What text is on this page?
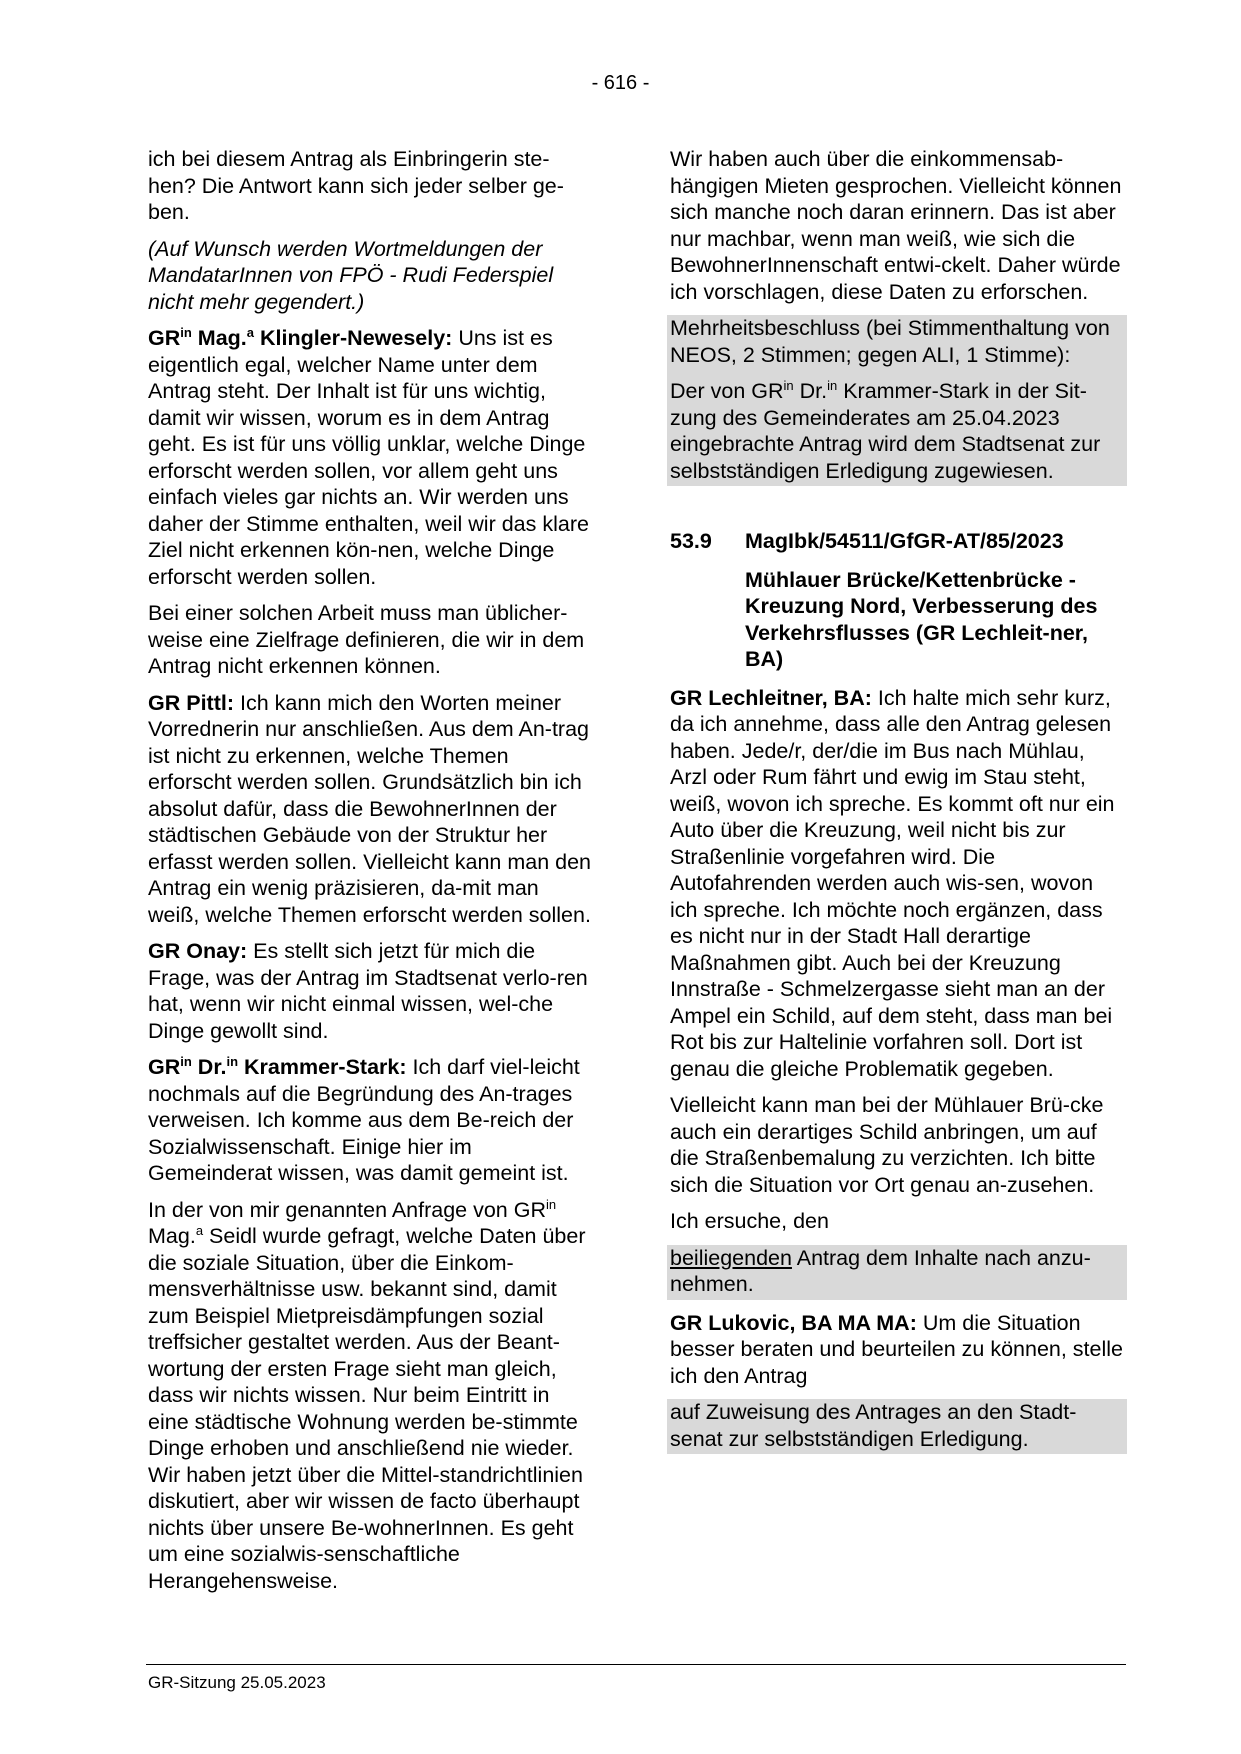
- 616 -

ich bei diesem Antrag als Einbringerin ste-hen? Die Antwort kann sich jeder selber ge-ben.

(Auf Wunsch werden Wortmeldungen der MandatarInnen von FPÖ - Rudi Federspiel nicht mehr gegendert.)

$GR^{in}$ Mag.$^a$ Klingler-Newesely: Uns ist es eigentlich egal, welcher Name unter dem Antrag steht. Der Inhalt ist für uns wichtig, damit wir wissen, worum es in dem Antrag geht. Es ist für uns völlig unklar, welche Dinge erforscht werden sollen, vor allem geht uns einfach vieles gar nichts an. Wir werden uns daher der Stimme enthalten, weil wir das klare Ziel nicht erkennen kön-nen, welche Dinge erforscht werden sollen.

Bei einer solchen Arbeit muss man üblicher-weise eine Zielfrage definieren, die wir in dem Antrag nicht erkennen können.

GR Pittl: Ich kann mich den Worten meiner Vorrednerin nur anschließen. Aus dem An-trag ist nicht zu erkennen, welche Themen erforscht werden sollen. Grundsätzlich bin ich absolut dafür, dass die BewohnerInnen der städtischen Gebäude von der Struktur her erfasst werden sollen. Vielleicht kann man den Antrag ein wenig präzisieren, da-mit man weiß, welche Themen erforscht werden sollen.

GR Onay: Es stellt sich jetzt für mich die Frage, was der Antrag im Stadtsenat verlo-ren hat, wenn wir nicht einmal wissen, wel-che Dinge gewollt sind.

$GR^{in}$ Dr.$^{in}$ Krammer-Stark: Ich darf viel-leicht nochmals auf die Begründung des An-trages verweisen. Ich komme aus dem Be-reich der Sozialwissenschaft. Einige hier im Gemeinderat wissen, was damit gemeint ist.

In der von mir genannten Anfrage von $GR^{in}$ Mag.$^a$ Seidl wurde gefragt, welche Daten über die soziale Situation, über die Einkom-mensverhältnisse usw. bekannt sind, damit zum Beispiel Mietpreisdämpfungen sozial treffsicher gestaltet werden. Aus der Beant-wortung der ersten Frage sieht man gleich, dass wir nichts wissen. Nur beim Eintritt in eine städtische Wohnung werden be-stimmte Dinge erhoben und anschließend nie wieder. Wir haben jetzt über die Mittel-standrichtlinien diskutiert, aber wir wissen de facto überhaupt nichts über unsere Be-wohnerInnen. Es geht um eine sozialwis-senschaftliche Herangehensweise.

Wir haben auch über die einkommensab-hängigen Mieten gesprochen. Vielleicht können sich manche noch daran erinnern. Das ist aber nur machbar, wenn man weiß, wie sich die BewohnerInnenschaft entwi-ckelt. Daher würde ich vorschlagen, diese Daten zu erforschen.

Mehrheitsbeschluss (bei Stimmenthaltung von NEOS, 2 Stimmen; gegen ALI, 1 Stimme):

Der von $GR^{in}$ Dr.$^{in}$ Krammer-Stark in der Sit-zung des Gemeinderates am 25.04.2023 eingebrachte Antrag wird dem Stadtsenat zur selbstständigen Erledigung zugewiesen.

53.9	MagIbk/54511/GfGR-AT/85/2023
Mühlauer Brücke/Kettenbrücke - Kreuzung Nord, Verbesserung des Verkehrsflusses (GR Lechleit-ner, BA)

GR Lechleitner, BA: Ich halte mich sehr kurz, da ich annehme, dass alle den Antrag gelesen haben. Jede/r, der/die im Bus nach Mühlau, Arzl oder Rum fährt und ewig im Stau steht, weiß, wovon ich spreche. Es kommt oft nur ein Auto über die Kreuzung, weil nicht bis zur Straßenlinie vorgefahren wird. Die Autofahrenden werden auch wis-sen, wovon ich spreche. Ich möchte noch ergänzen, dass es nicht nur in der Stadt Hall derartige Maßnahmen gibt. Auch bei der Kreuzung Innstraße - Schmelzergasse sieht man an der Ampel ein Schild, auf dem steht, dass man bei Rot bis zur Haltelinie vorfahren soll. Dort ist genau die gleiche Problematik gegeben.

Vielleicht kann man bei der Mühlauer Brü-cke auch ein derartiges Schild anbringen, um auf die Straßenbemalung zu verzichten. Ich bitte sich die Situation vor Ort genau an-zusehen.

Ich ersuche, den

beiliegenden Antrag dem Inhalte nach anzu-nehmen.

GR Lukovic, BA MA MA: Um die Situation besser beraten und beurteilen zu können, stelle ich den Antrag

auf Zuweisung des Antrages an den Stadt-senat zur selbstständigen Erledigung.

GR-Sitzung 25.05.2023
